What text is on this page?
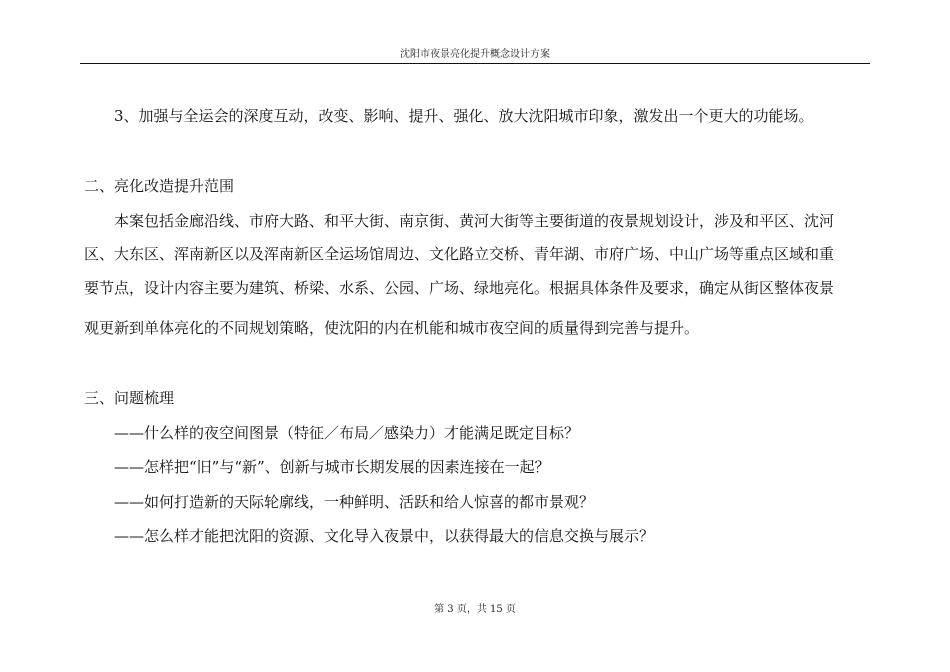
沈阳市夜景亮化提升概念设计方案
3、加强与全运会的深度互动，改变、影响、提升、强化、放大沈阳城市印象，激发出一个更大的功能场。
二、亮化改造提升范围
本案包括金廊沿线、市府大路、和平大街、南京街、黄河大街等主要街道的夜景规划设计，涉及和平区、沈河
区、大东区、浑南新区以及浑南新区全运场馆周边、文化路立交桥、青年湖、市府广场、中山广场等重点区域和重
要节点，设计内容主要为建筑、桥梁、水系、公园、广场、绿地亮化。根据具体条件及要求，确定从街区整体夜景
观更新到单体亮化的不同规划策略，使沈阳的内在机能和城市夜空间的质量得到完善与提升。
三、问题梳理
——什么样的夜空间图景（特征／布局／感染力）才能满足既定目标？
——怎样把“旧”与“新”、创新与城市长期发展的因素连接在一起？
——如何打造新的天际轮廓线，一种鲜明、活跃和给人惊喜的都市景观？
——怎么样才能把沈阳的资源、文化导入夜景中，以获得最大的信息交换与展示？
第 3 页，共 15 页
